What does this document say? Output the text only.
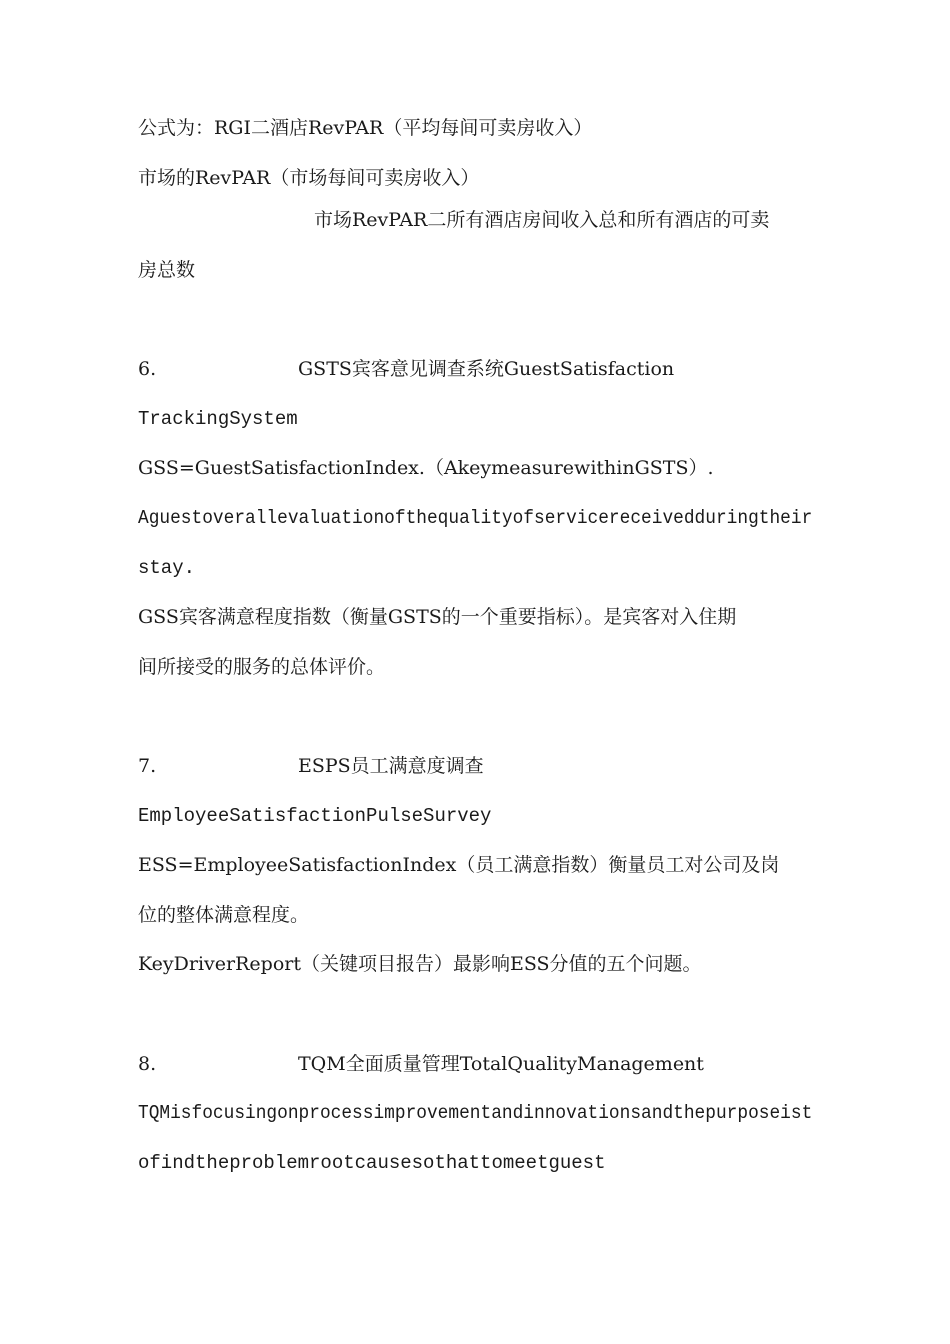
公式为：RGI二酒店RevPAR（平均每间可卖房收入）
市场的RevPAR（市场每间可卖房收入）
市场RevPAR二所有酒店房间收入总和所有酒店的可卖
房总数
6.	GSTS宾客意见调查系统GuestSatisfaction
TrackingSystem
GSS=GuestSatisfactionIndex.（AkeymeasurewithinGSTS）.
Aguestoverallevaluationofthequalityofservicereceivedduringtheir
stay.
GSS宾客满意程度指数（衡量GSTS的一个重要指标）。是宾客对入住期
间所接受的服务的总体评价。
7.	ESPS员工满意度调查
EmployeeSatisfactionPulseSurvey
ESS=EmployeeSatisfactionIndex（员工满意指数）衡量员工对公司及岗
位的整体满意程度。
KeyDriverReport（关键项目报告）最影响ESS分值的五个问题。
8.	TQM全面质量管理TotalQualityManagement
TQMisfocusingonprocessimprovementandinnovationsandthepurposeist
ofindtheproblemrootcausesothattomeetguest
